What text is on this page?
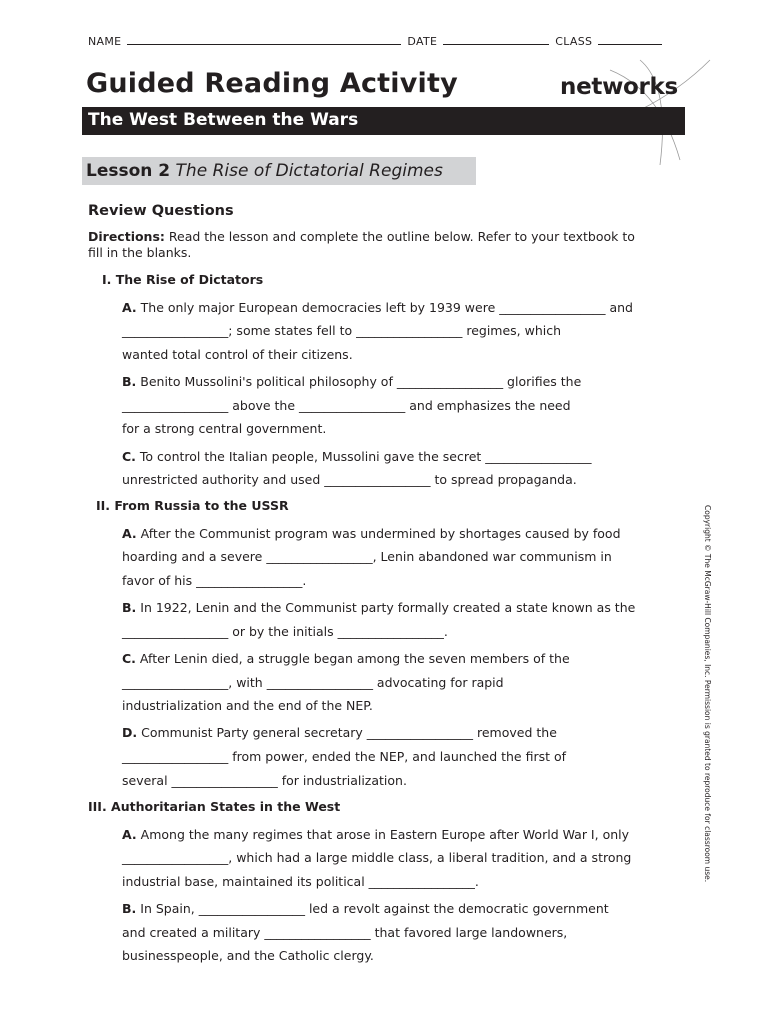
NAME	DATE	CLASS
Guided Reading Activity	networks
The West Between the Wars
Lesson 2 The Rise of Dictatorial Regimes
Review Questions
Directions: Read the lesson and complete the outline below. Refer to your textbook to fill in the blanks.
I. The Rise of Dictators
A. The only major European democracies left by 1939 were _________________ and
_________________; some states fell to _________________ regimes, which
wanted total control of their citizens.
B. Benito Mussolini's political philosophy of _________________ glorifies the
_________________ above the _________________ and emphasizes the need
for a strong central government.
C. To control the Italian people, Mussolini gave the secret _________________
unrestricted authority and used _________________ to spread propaganda.
II. From Russia to the USSR
A. After the Communist program was undermined by shortages caused by food
hoarding and a severe _________________, Lenin abandoned war communism in
favor of his _________________.
B. In 1922, Lenin and the Communist party formally created a state known as the
_________________ or by the initials _________________.
C. After Lenin died, a struggle began among the seven members of the
_________________, with _________________ advocating for rapid
industrialization and the end of the NEP.
D. Communist Party general secretary _________________ removed the
_________________ from power, ended the NEP, and launched the first of
several _________________ for industrialization.
III. Authoritarian States in the West
A. Among the many regimes that arose in Eastern Europe after World War I, only
_________________, which had a large middle class, a liberal tradition, and a strong
industrial base, maintained its political _________________.
B. In Spain, _________________ led a revolt against the democratic government
and created a military _________________ that favored large landowners,
businesspeople, and the Catholic clergy.
Copyright © The McGraw-Hill Companies, Inc. Permission is granted to reproduce for classroom use.
